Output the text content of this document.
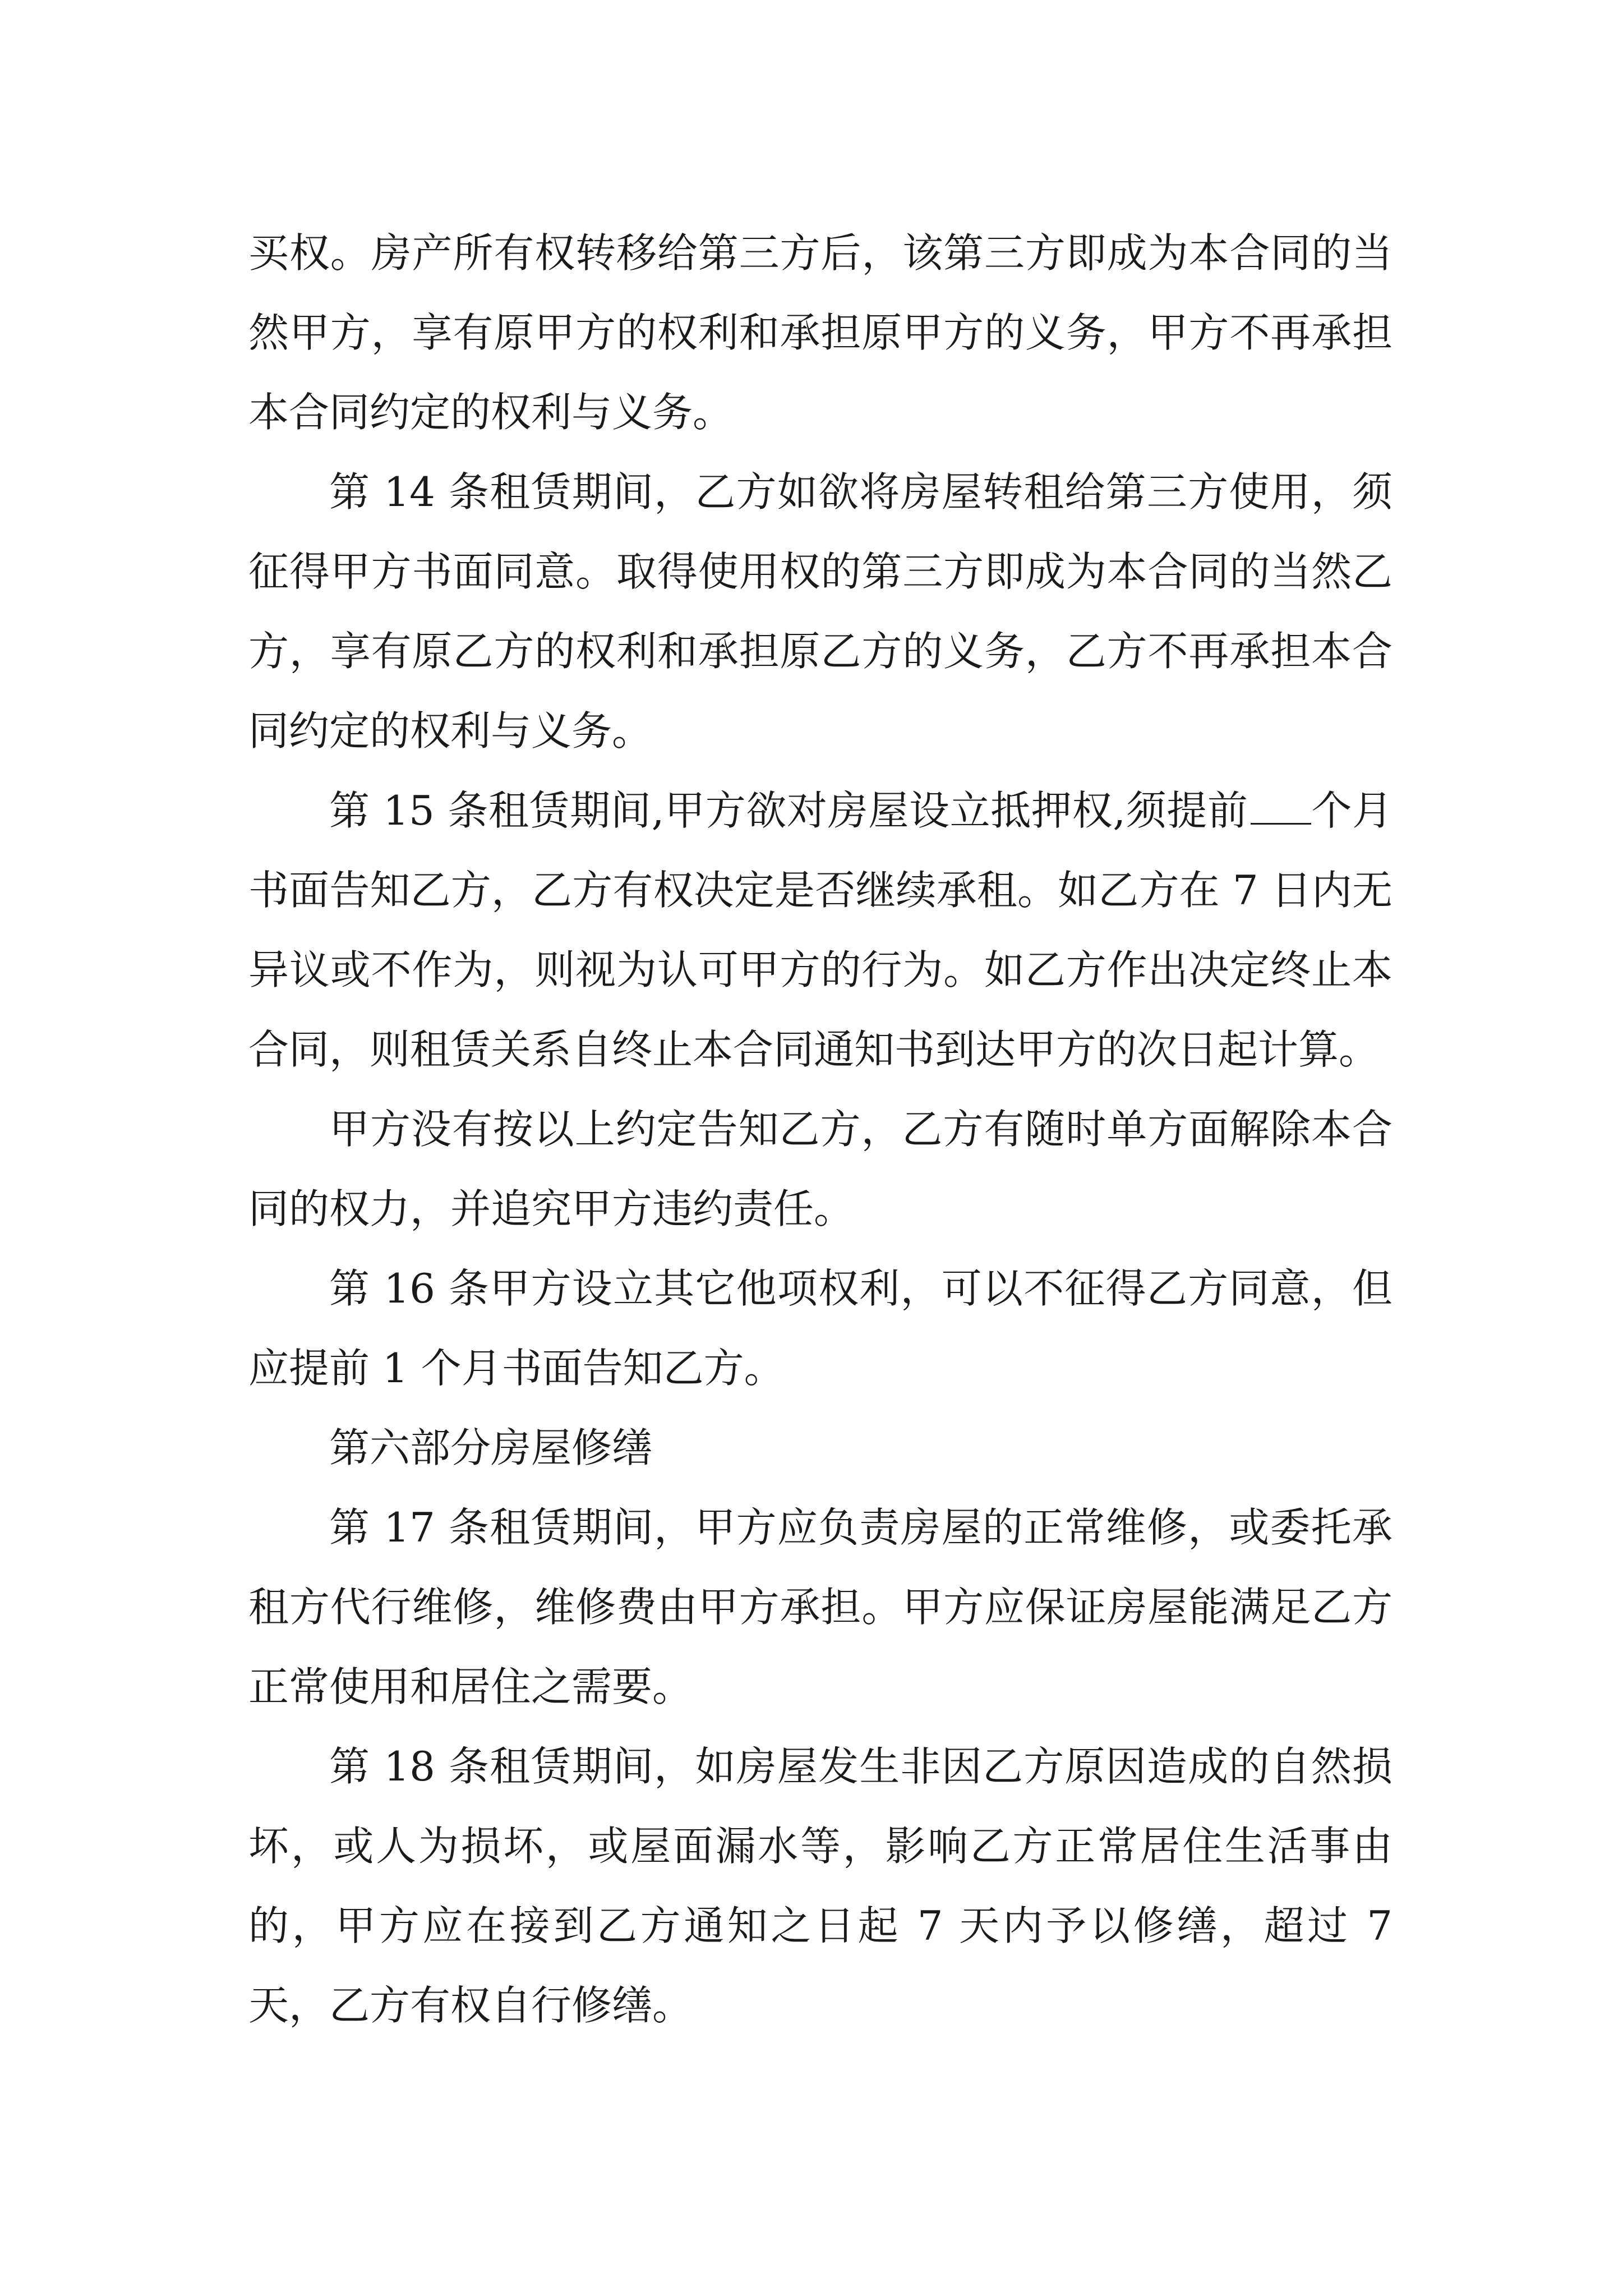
买权。房产所有权转移给第三方后，该第三方即成为本合同的当然甲方，享有原甲方的权利和承担原甲方的义务，甲方不再承担本合同约定的权利与义务。

第 14 条租赁期间，乙方如欲将房屋转租给第三方使用，须征得甲方书面同意。取得使用权的第三方即成为本合同的当然乙方，享有原乙方的权利和承担原乙方的义务，乙方不再承担本合同约定的权利与义务。

第 15 条租赁期间,甲方欲对房屋设立抵押权,须提前 个月书面告知乙方，乙方有权决定是否继续承租。如乙方在 7 日内无异议或不作为，则视为认可甲方的行为。如乙方作出决定终止本合同，则租赁关系自终止本合同通知书到达甲方的次日起计算。

甲方没有按以上约定告知乙方，乙方有随时单方面解除本合同的权力，并追究甲方违约责任。

第 16 条甲方设立其它他项权利，可以不征得乙方同意，但应提前 1 个月书面告知乙方。

第六部分房屋修缮

第 17 条租赁期间，甲方应负责房屋的正常维修，或委托承租方代行维修，维修费由甲方承担。甲方应保证房屋能满足乙方正常使用和居住之需要。

第 18 条租赁期间，如房屋发生非因乙方原因造成的自然损坏，或人为损坏，或屋面漏水等，影响乙方正常居住生活事由的，甲方应在接到乙方通知之日起 7 天内予以修缮，超过 7 天，乙方有权自行修缮。
